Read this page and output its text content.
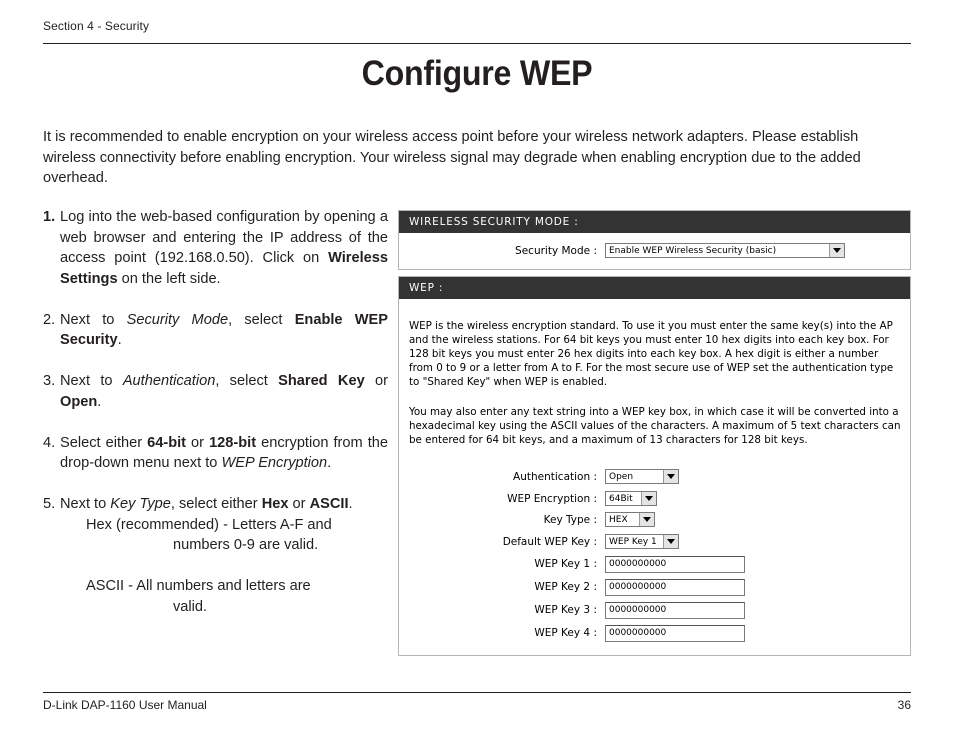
Section 4 - Security
Configure WEP

It is recommended to enable encryption on your wireless access point before your wireless network adapters. Please establish wireless connectivity before enabling encryption. Your wireless signal may degrade when enabling encryption due to the added overhead.

1. Log into the web-based configuration by opening a web browser and entering the IP address of the access point (192.168.0.50). Click on Wireless Settings on the left side.
2. Next to Security Mode, select Enable WEP Security.
3. Next to Authentication, select Shared Key or Open.
4. Select either 64-bit or 128-bit encryption from the drop-down menu next to WEP Encryption.
5. Next to Key Type, select either Hex or ASCII.
Hex (recommended) - Letters A-F and
numbers 0-9 are valid.
ASCII - All numbers and letters are
valid.
WIRELESS SECURITY MODE :
Security Mode :	Enable WEP Wireless Security (basic)
WEP :

WEP is the wireless encryption standard. To use it you must enter the same key(s) into the AP and the wireless stations. For 64 bit keys you must enter 10 hex digits into each key box. For 128 bit keys you must enter 26 hex digits into each key box. A hex digit is either a number from 0 to 9 or a letter from A to F. For the most secure use of WEP set the authentication type to "Shared Key" when WEP is enabled.

You may also enter any text string into a WEP key box, in which case it will be converted into a hexadecimal key using the ASCII values of the characters. A maximum of 5 text characters can be entered for 64 bit keys, and a maximum of 13 characters for 128 bit keys.

Authentication :	Open
WEP Encryption :	64Bit
Key Type :	HEX
Default WEP Key :	WEP Key 1
WEP Key 1 :	0000000000
WEP Key 2 :	0000000000
WEP Key 3 :	0000000000
WEP Key 4 :	0000000000
D-Link DAP-1160 User Manual	36
